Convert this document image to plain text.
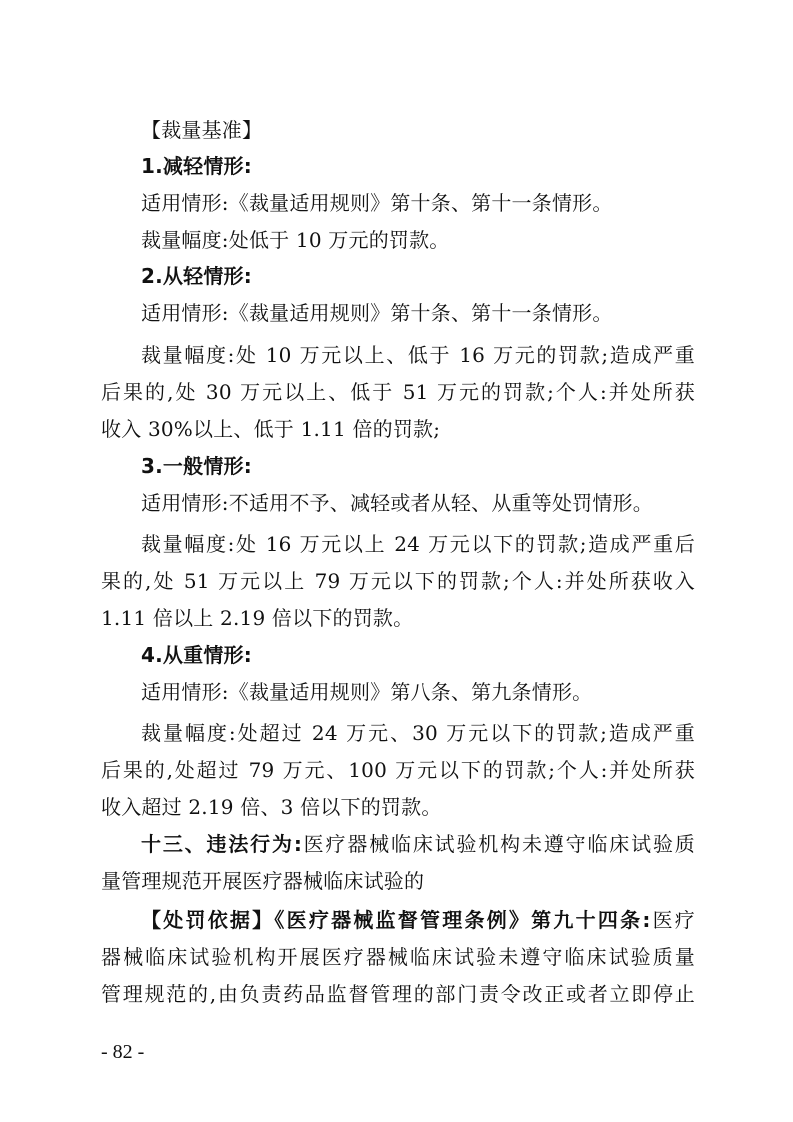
【裁量基准】
1.减轻情形:
适用情形:《裁量适用规则》第十条、第十一条情形。
裁量幅度:处低于 10 万元的罚款。
2.从轻情形:
适用情形:《裁量适用规则》第十条、第十一条情形。
裁量幅度:处 10 万元以上、低于 16 万元的罚款;造成严重
后果的,处 30 万元以上、低于 51 万元的罚款;个人:并处所获
收入 30%以上、低于 1.11 倍的罚款;
3.一般情形:
适用情形:不适用不予、减轻或者从轻、从重等处罚情形。
裁量幅度:处 16 万元以上 24 万元以下的罚款;造成严重后
果的,处 51 万元以上 79 万元以下的罚款;个人:并处所获收入
1.11 倍以上 2.19 倍以下的罚款。
4.从重情形:
适用情形:《裁量适用规则》第八条、第九条情形。
裁量幅度:处超过 24 万元、30 万元以下的罚款;造成严重
后果的,处超过 79 万元、100 万元以下的罚款;个人:并处所获
收入超过 2.19 倍、3 倍以下的罚款。
十三、违法行为:医疗器械临床试验机构未遵守临床试验质
量管理规范开展医疗器械临床试验的
【处罚依据】《医疗器械监督管理条例》第九十四条:医疗
器械临床试验机构开展医疗器械临床试验未遵守临床试验质量
管理规范的,由负责药品监督管理的部门责令改正或者立即停止
- 82 -
